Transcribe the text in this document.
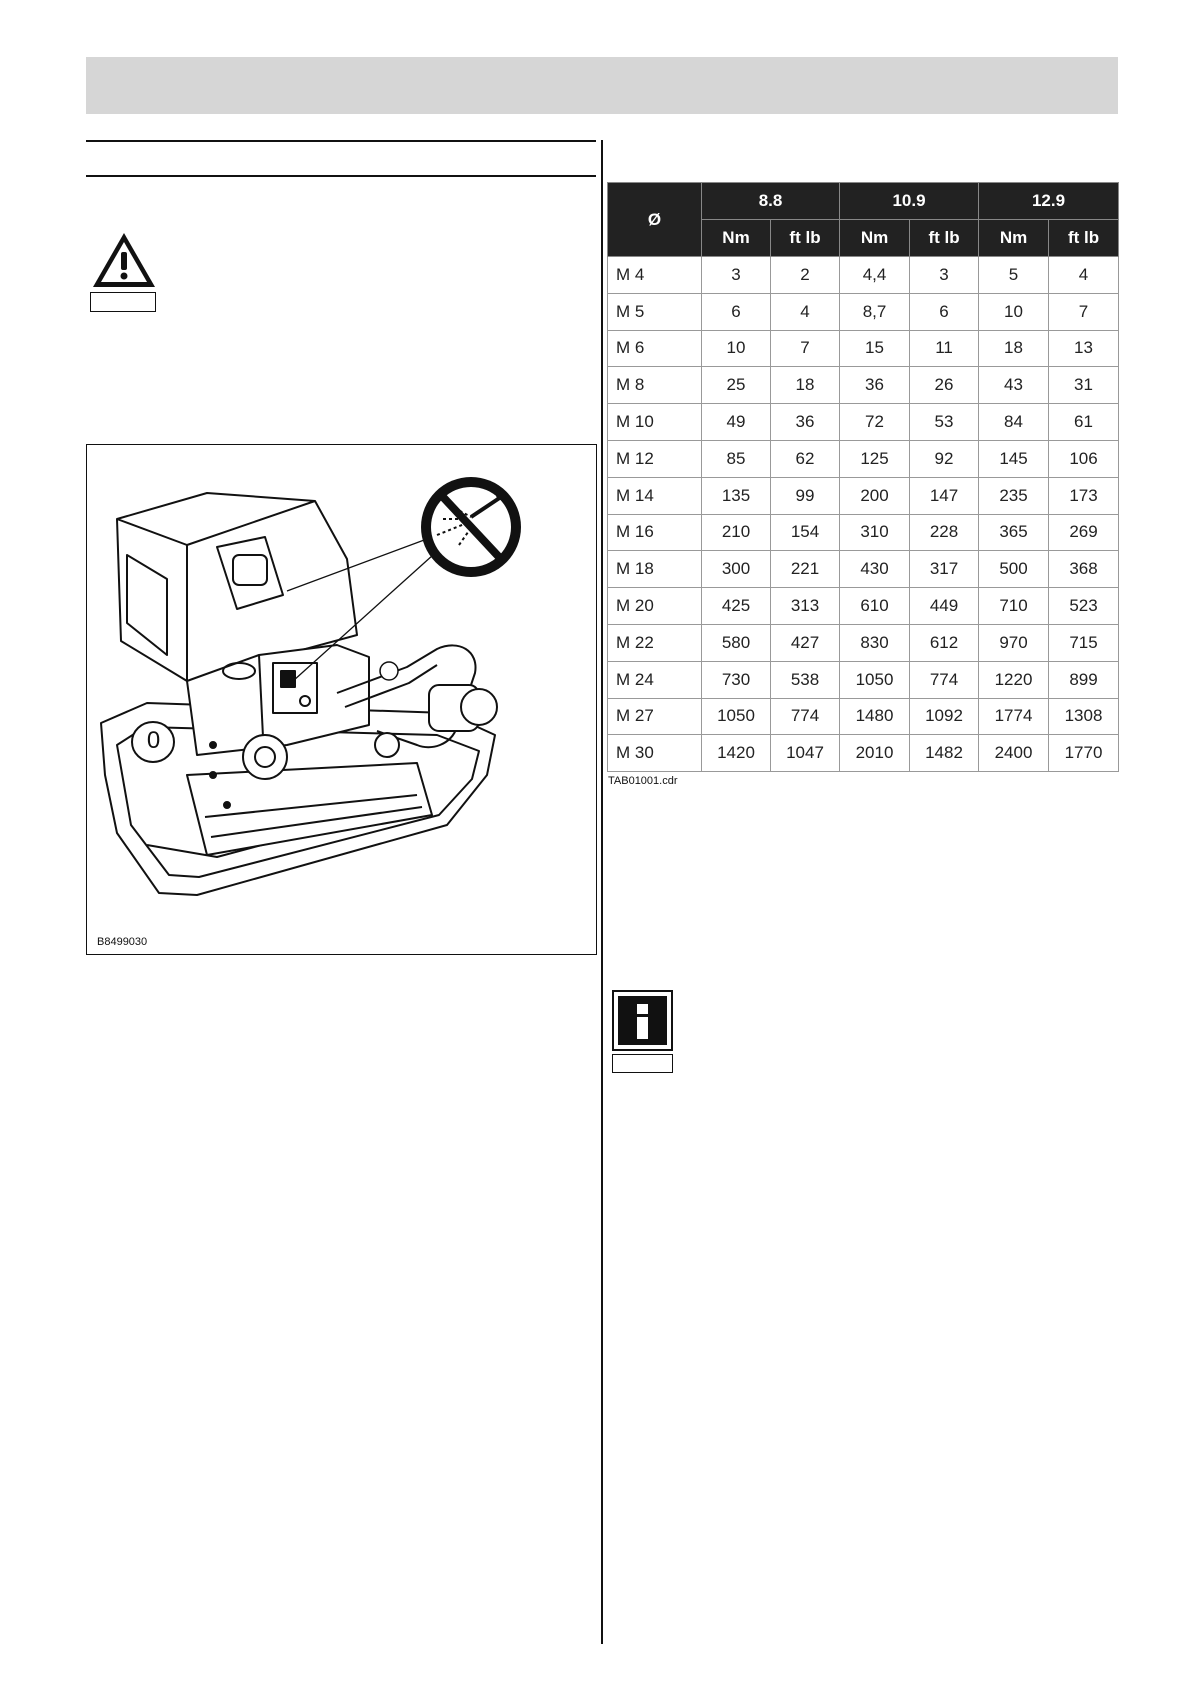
0
B8499030
Ø	8.8		10.9		12.9	
	Nm	ft lb	Nm	ft lb	Nm	ft lb
M 4	3	2	4,4	3	5	4
M 5	6	4	8,7	6	10	7
M 6	10	7	15	11	18	13
M 8	25	18	36	26	43	31
M 10	49	36	72	53	84	61
M 12	85	62	125	92	145	106
M 14	135	99	200	147	235	173
M 16	210	154	310	228	365	269
M 18	300	221	430	317	500	368
M 20	425	313	610	449	710	523
M 22	580	427	830	612	970	715
M 24	730	538	1050	774	1220	899
M 27	1050	774	1480	1092	1774	1308
M 30	1420	1047	2010	1482	2400	1770
TAB01001.cdr
